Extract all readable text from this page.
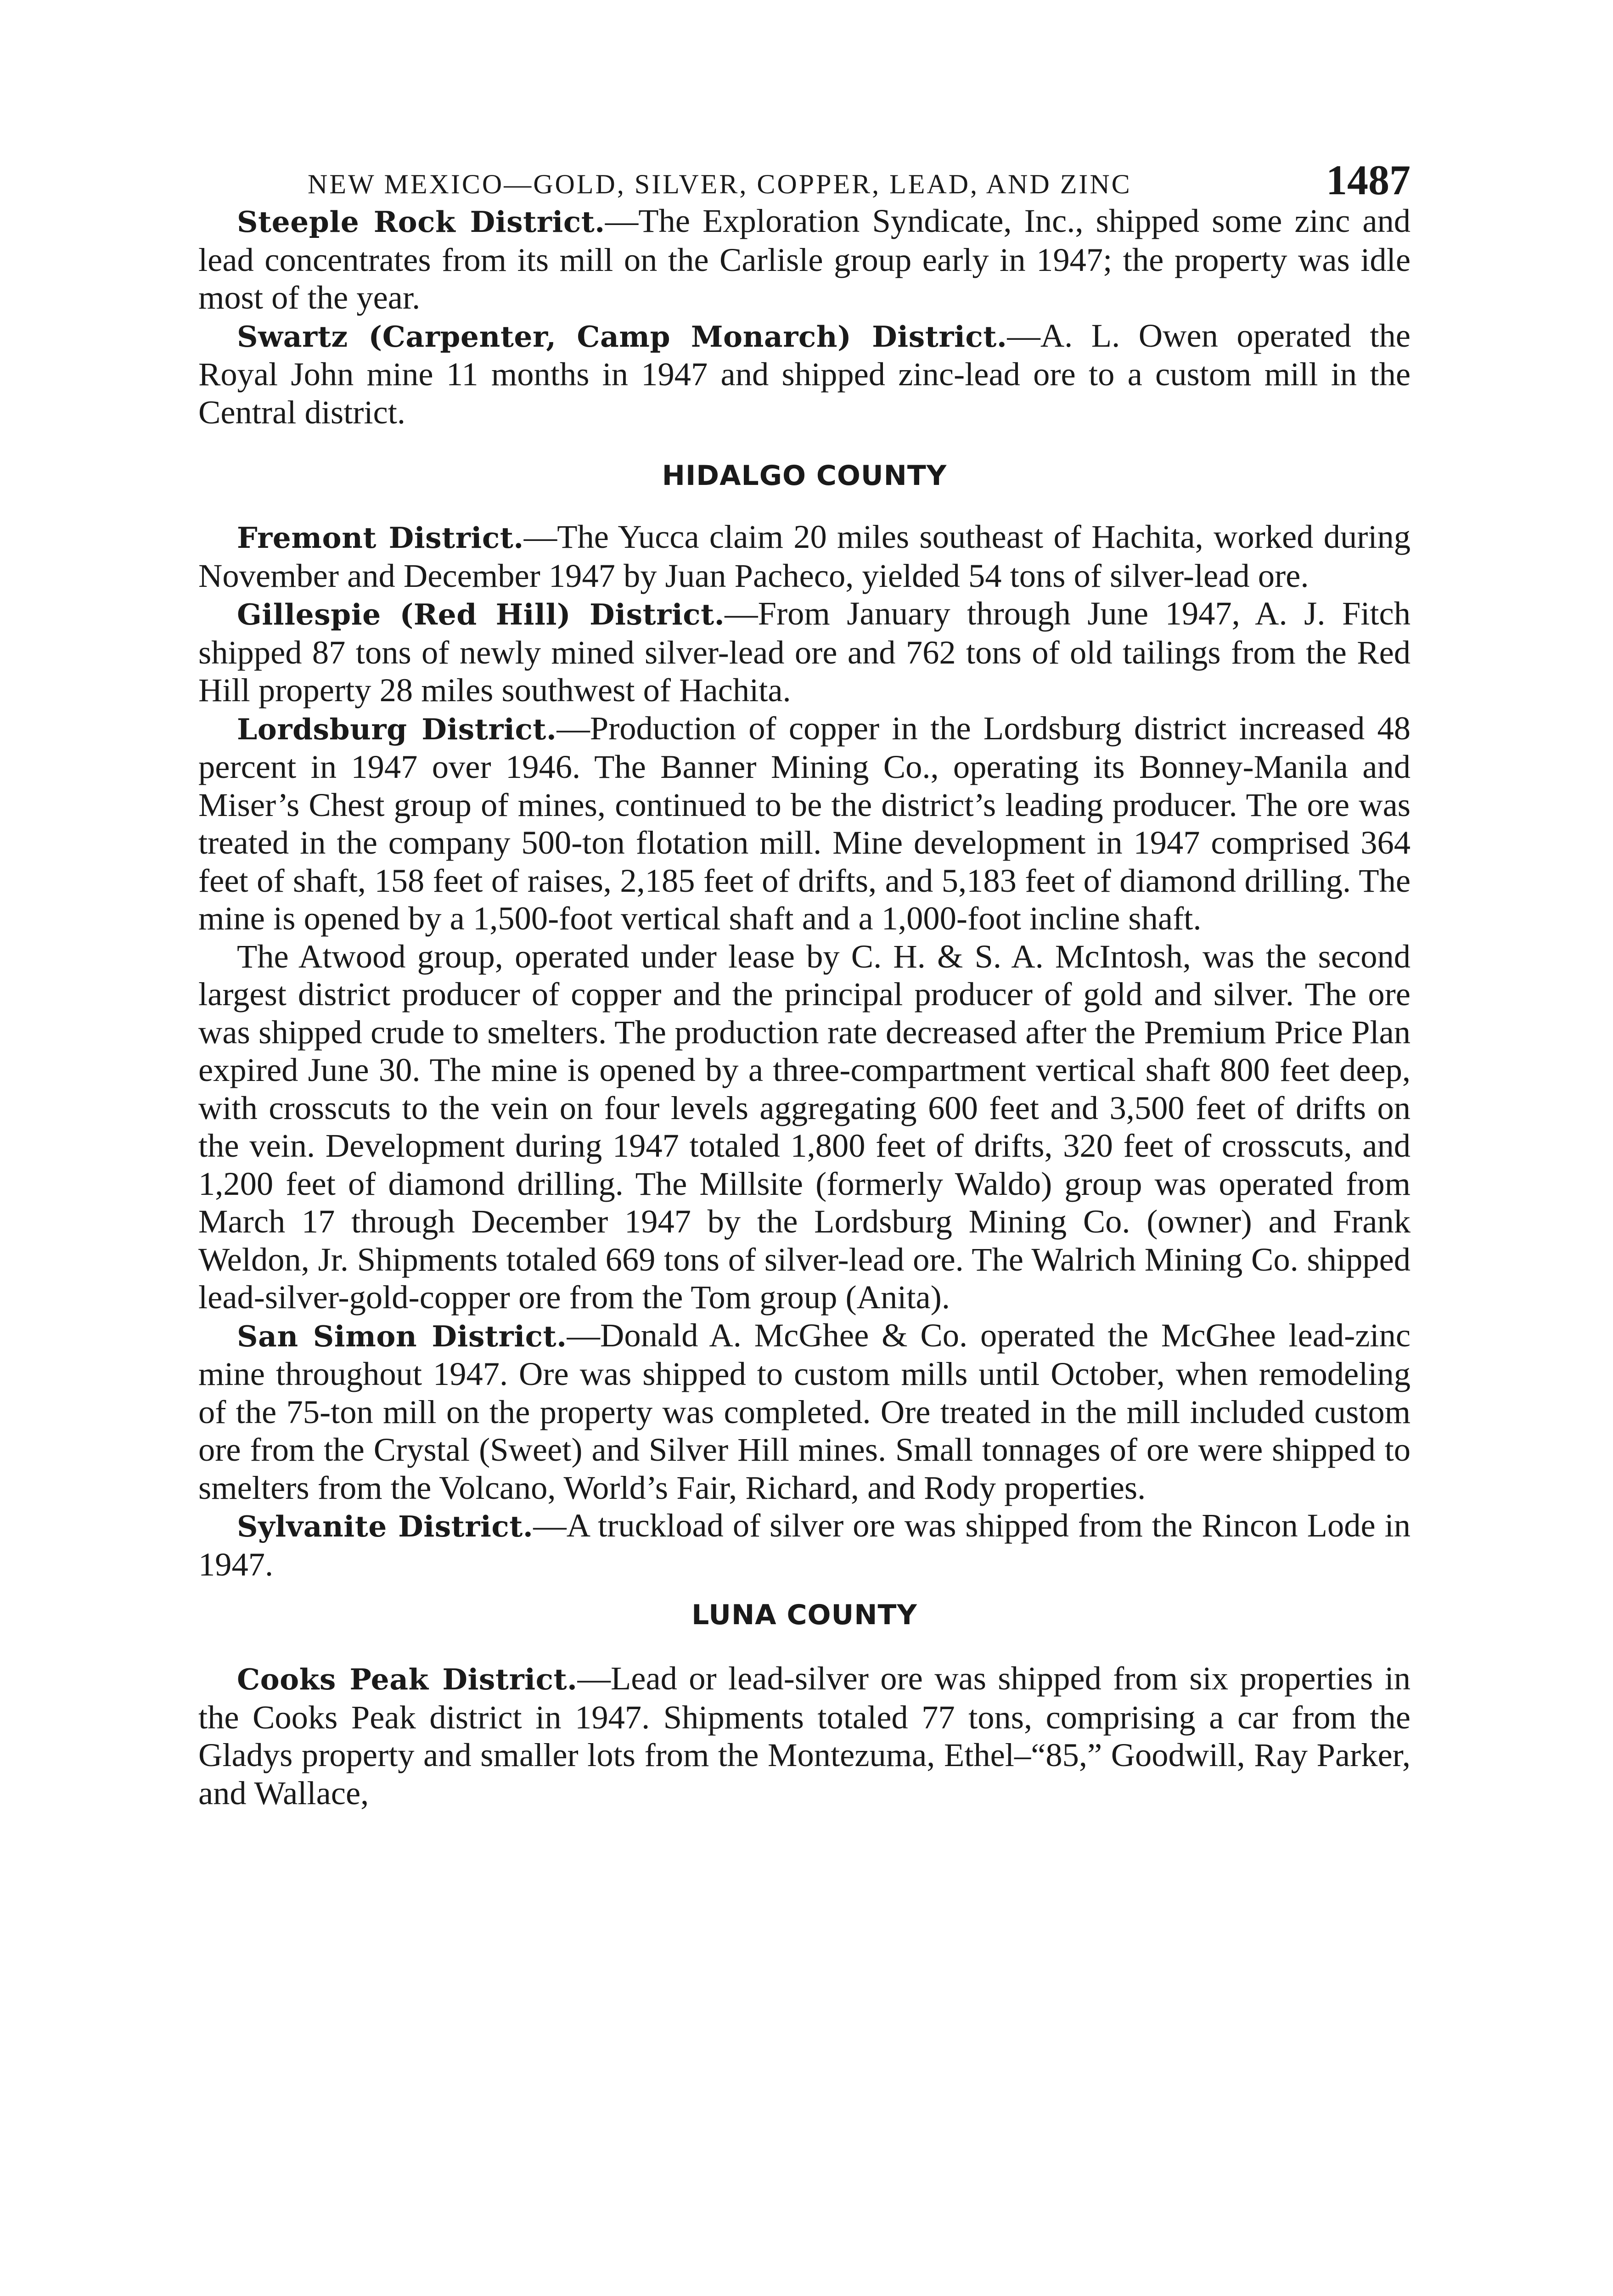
NEW MEXICO—GOLD, SILVER, COPPER, LEAD, AND ZINC	1487

Steeple Rock District.—The Exploration Syndicate, Inc., shipped some zinc and lead concentrates from its mill on the Carlisle group early in 1947; the property was idle most of the year.

Swartz (Carpenter, Camp Monarch) District.—A. L. Owen operated the Royal John mine 11 months in 1947 and shipped zinc-lead ore to a custom mill in the Central district.

HIDALGO COUNTY

Fremont District.—The Yucca claim 20 miles southeast of Hachita, worked during November and December 1947 by Juan Pacheco, yielded 54 tons of silver-lead ore.

Gillespie (Red Hill) District.—From January through June 1947, A. J. Fitch shipped 87 tons of newly mined silver-lead ore and 762 tons of old tailings from the Red Hill property 28 miles southwest of Hachita.

Lordsburg District.—Production of copper in the Lordsburg district increased 48 percent in 1947 over 1946. The Banner Mining Co., operating its Bonney-Manila and Miser’s Chest group of mines, continued to be the district’s leading producer. The ore was treated in the company 500-ton flotation mill. Mine development in 1947 comprised 364 feet of shaft, 158 feet of raises, 2,185 feet of drifts, and 5,183 feet of diamond drilling. The mine is opened by a 1,500-foot vertical shaft and a 1,000-foot incline shaft.

The Atwood group, operated under lease by C. H. & S. A. McIntosh, was the second largest district producer of copper and the principal producer of gold and silver. The ore was shipped crude to smelters. The production rate decreased after the Premium Price Plan expired June 30. The mine is opened by a three-compartment vertical shaft 800 feet deep, with crosscuts to the vein on four levels aggregating 600 feet and 3,500 feet of drifts on the vein. Development during 1947 totaled 1,800 feet of drifts, 320 feet of crosscuts, and 1,200 feet of diamond drilling. The Millsite (formerly Waldo) group was operated from March 17 through December 1947 by the Lordsburg Mining Co. (owner) and Frank Weldon, Jr. Shipments totaled 669 tons of silver-lead ore. The Walrich Mining Co. shipped lead-silver-gold-copper ore from the Tom group (Anita).

San Simon District.—Donald A. McGhee & Co. operated the McGhee lead-zinc mine throughout 1947. Ore was shipped to custom mills until October, when remodeling of the 75-ton mill on the property was completed. Ore treated in the mill included custom ore from the Crystal (Sweet) and Silver Hill mines. Small tonnages of ore were shipped to smelters from the Volcano, World’s Fair, Richard, and Rody properties.

Sylvanite District.—A truckload of silver ore was shipped from the Rincon Lode in 1947.

LUNA COUNTY

Cooks Peak District.—Lead or lead-silver ore was shipped from six properties in the Cooks Peak district in 1947. Shipments totaled 77 tons, comprising a car from the Gladys property and smaller lots from the Montezuma, Ethel–“85,” Goodwill, Ray Parker, and Wallace,
